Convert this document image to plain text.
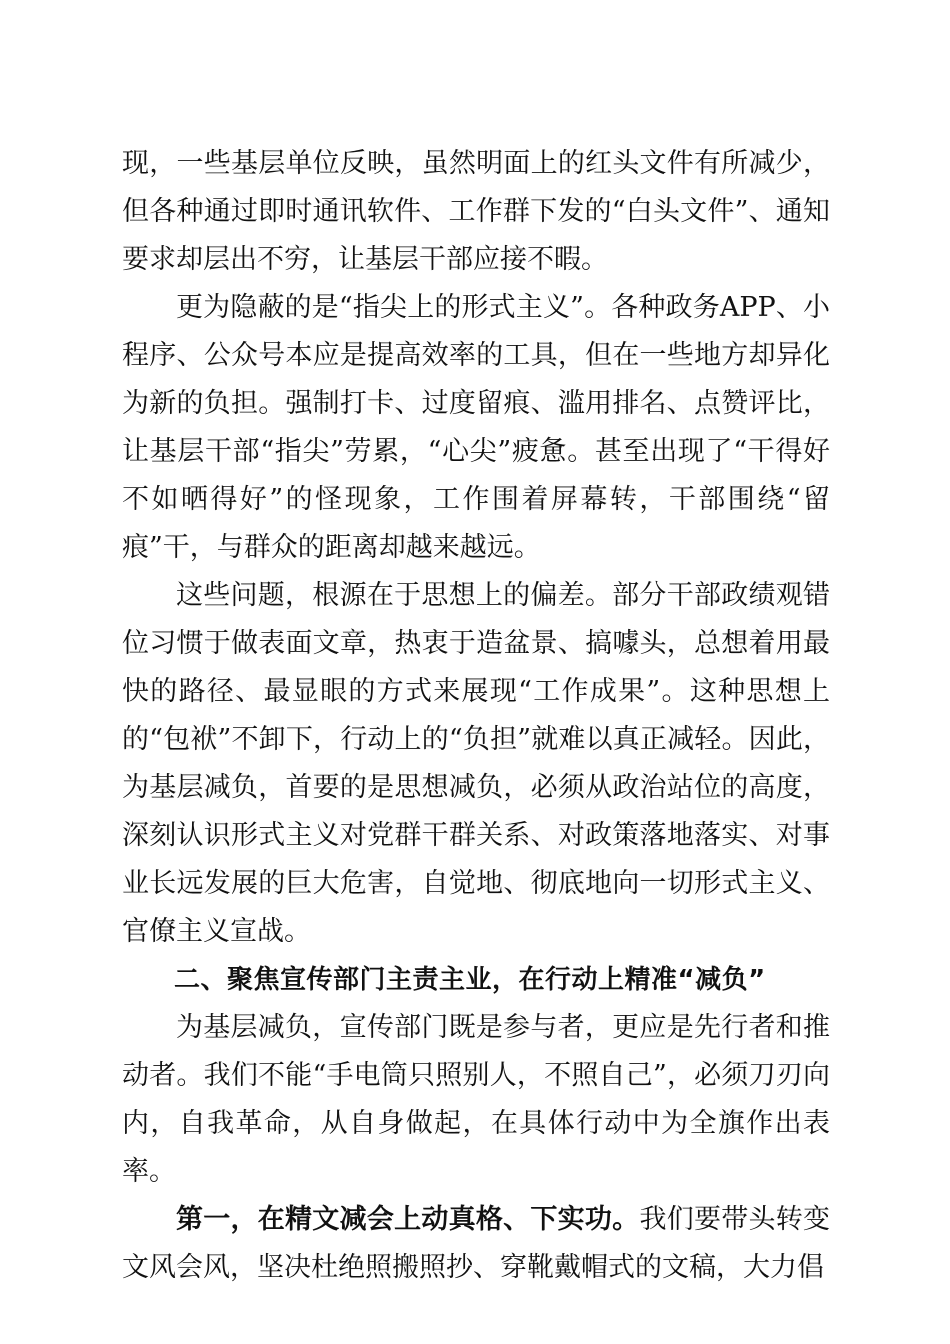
现，一些基层单位反映，虽然明面上的红头文件有所减少，但各种通过即时通讯软件、工作群下发的“白头文件”、通知要求却层出不穷，让基层干部应接不暇。

更为隐蔽的是“指尖上的形式主义”。各种政务APP、小程序、公众号本应是提高效率的工具，但在一些地方却异化为新的负担。强制打卡、过度留痕、滥用排名、点赞评比，让基层干部“指尖”劳累，“心尖”疲惫。甚至出现了“干得好不如晒得好”的怪现象，工作围着屏幕转，干部围绕“留痕”干，与群众的距离却越来越远。

这些问题，根源在于思想上的偏差。部分干部政绩观错位习惯于做表面文章，热衷于造盆景、搞噱头，总想着用最快的路径、最显眼的方式来展现“工作成果”。这种思想上的“包袱”不卸下，行动上的“负担”就难以真正减轻。因此，为基层减负，首要的是思想减负，必须从政治站位的高度，深刻认识形式主义对党群干群关系、对政策落地落实、对事业长远发展的巨大危害，自觉地、彻底地向一切形式主义、官僚主义宣战。

二、聚焦宣传部门主责主业，在行动上精准“减负”

为基层减负，宣传部门既是参与者，更应是先行者和推动者。我们不能“手电筒只照别人，不照自己”，必须刀刃向内，自我革命，从自身做起，在具体行动中为全旗作出表率。

第一，在精文减会上动真格、下实功。我们要带头转变文风会风，坚决杜绝照搬照抄、穿靴戴帽式的文稿，大力倡
